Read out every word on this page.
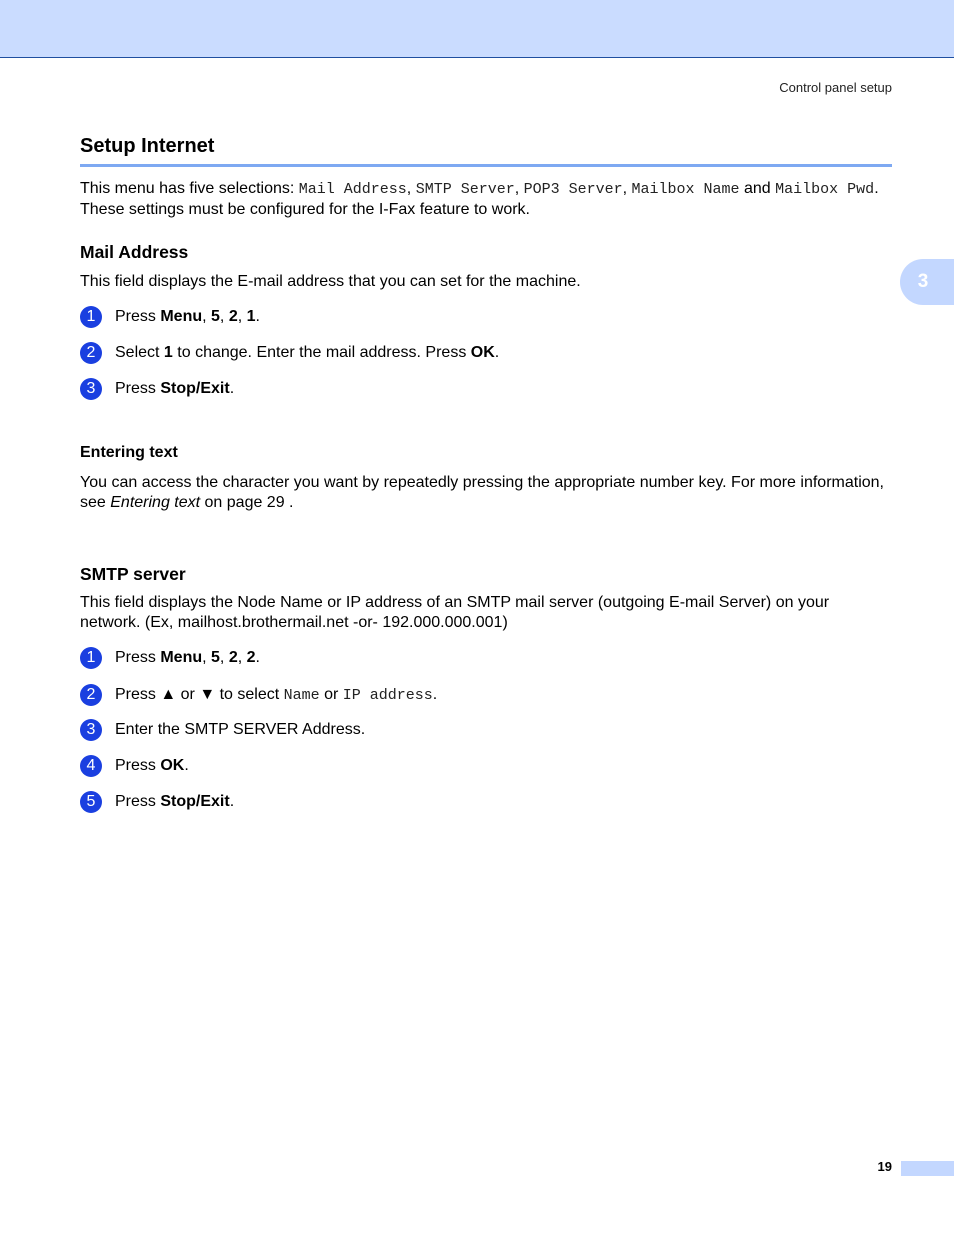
Control panel setup
3
Setup Internet

This menu has five selections: Mail Address, SMTP Server, POP3 Server, Mailbox Name and Mailbox Pwd. These settings must be configured for the I-Fax feature to work.

Mail Address

This field displays the E-mail address that you can set for the machine.

1	Press Menu, 5, 2, 1.
2	Select 1 to change. Enter the mail address. Press OK.
3	Press Stop/Exit.
Entering text

You can access the character you want by repeatedly pressing the appropriate number key. For more information, see Entering text on page 29 .

SMTP server

This field displays the Node Name or IP address of an SMTP mail server (outgoing E-mail Server) on your network. (Ex, mailhost.brothermail.net -or- 192.000.000.001)

1	Press Menu, 5, 2, 2.
2	Press ▲ or ▼ to select Name or IP address.
3	Enter the SMTP SERVER Address.
4	Press OK.
5	Press Stop/Exit.
19
